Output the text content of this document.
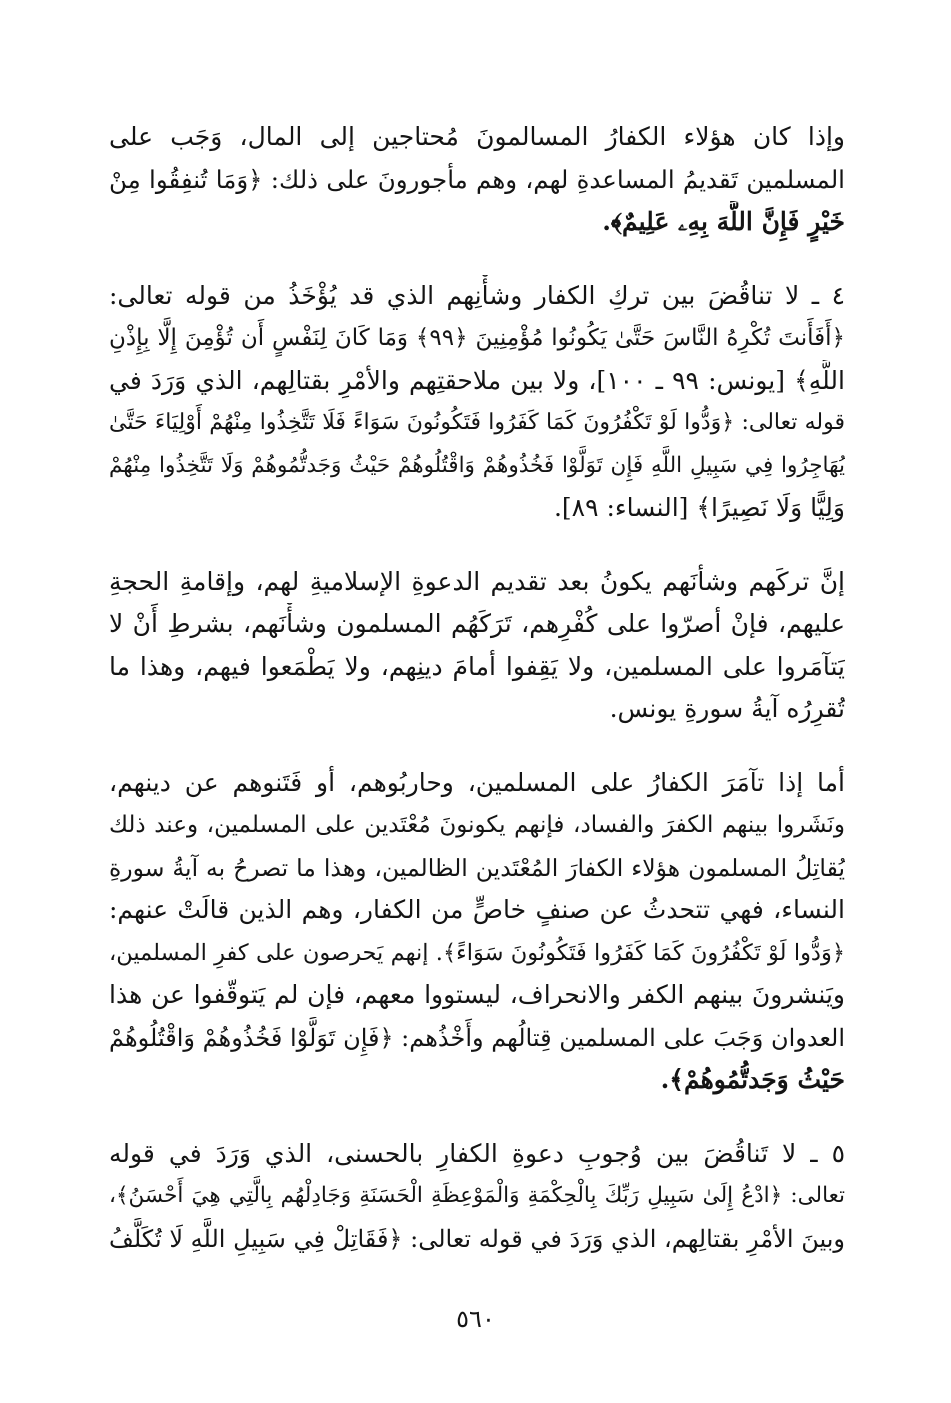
وإذا كان هؤلاء الكفارُ المسالمونَ مُحتاجين إلى المال، وَجَب على
المسلمين تَقديمُ المساعدةِ لهم، وهم مأجورونَ على ذلك: ﴿وَمَا تُنفِقُوا مِنْ
خَيْرٍ فَإِنَّ اللَّهَ بِهِۦ عَلِيمٌ﴾.
٤ ـ لا تناقُضَ بين تركِ الكفار وشأْنِهم الذي قد يُؤْخَذُ من قوله تعالى:
﴿أَفَأَنتَ تُكْرِهُ النَّاسَ حَتَّىٰ يَكُونُوا مُؤْمِنِينَ ﴿٩٩﴾ وَمَا كَانَ لِنَفْسٍ أَن تُؤْمِنَ إِلَّا بِإِذْنِ
اللَّهِ﴾ [يونس: ٩٩ ـ ١٠٠]، ولا بين ملاحقتِهم والأمْرِ بقتالِهم، الذي وَرَدَ في
قوله تعالى: ﴿وَدُّوا لَوْ تَكْفُرُونَ كَمَا كَفَرُوا فَتَكُونُونَ سَوَاءً فَلَا تَتَّخِذُوا مِنْهُمْ أَوْلِيَاءَ حَتَّىٰ
يُهَاجِرُوا فِي سَبِيلِ اللَّهِ فَإِن تَوَلَّوْا فَخُذُوهُمْ وَاقْتُلُوهُمْ حَيْثُ وَجَدتُّمُوهُمْ وَلَا تَتَّخِذُوا مِنْهُمْ
وَلِيًّا وَلَا نَصِيرًا﴾ [النساء: ٨٩].
إنَّ تركَهم وشأنَهم يكونُ بعد تقديم الدعوةِ الإسلاميةِ لهم، وإقامةِ الحجةِ
عليهم، فإنْ أصرّوا على كُفْرِهم، تَرَكَهُم المسلمون وشأْنَهم، بشرطِ أَنْ لا
يَتآمَروا على المسلمين، ولا يَقِفوا أمامَ دينِهم، ولا يَطْمَعوا فيهم، وهذا ما
تُقرِرُه آيةُ سورةِ يونس.
أما إذا تآمَرَ الكفارُ على المسلمين، وحاربُوهم، أو فَتَنوهم عن دينهم،
ونَشَروا بينهم الكفرَ والفساد، فإنهم يكونونَ مُعْتَدين على المسلمين، وعند ذلك
يُقاتِلُ المسلمون هؤلاء الكفارَ المُعْتَدين الظالمين، وهذا ما تصرحُ به آيةُ سورةِ
النساء، فهي تتحدثُ عن صنفٍ خاصٍّ من الكفار، وهم الذين قالَتْ عنهم:
﴿وَدُّوا لَوْ تَكْفُرُونَ كَمَا كَفَرُوا فَتَكُونُونَ سَوَاءً﴾. إنهم يَحرصون على كفرِ المسلمين،
ويَنشرونَ بينهم الكفر والانحراف، ليستووا معهم، فإن لم يَتوقّفوا عن هذا
العدوان وَجَبَ على المسلمين قِتالُهم وأَخْذُهم: ﴿فَإِن تَوَلَّوْا فَخُذُوهُمْ وَاقْتُلُوهُمْ
حَيْثُ وَجَدتُّمُوهُمْ﴾.
٥ ـ لا تَناقُضَ بين وُجوبِ دعوةِ الكفارِ بالحسنى، الذي وَرَدَ في قوله
تعالى: ﴿ادْعُ إِلَىٰ سَبِيلِ رَبِّكَ بِالْحِكْمَةِ وَالْمَوْعِظَةِ الْحَسَنَةِ وَجَادِلْهُم بِالَّتِي هِيَ أَحْسَنُ﴾،
وبينَ الأمْرِ بقتالِهم، الذي وَرَدَ في قوله تعالى: ﴿فَقَاتِلْ فِي سَبِيلِ اللَّهِ لَا تُكَلَّفُ
٥٦٠
